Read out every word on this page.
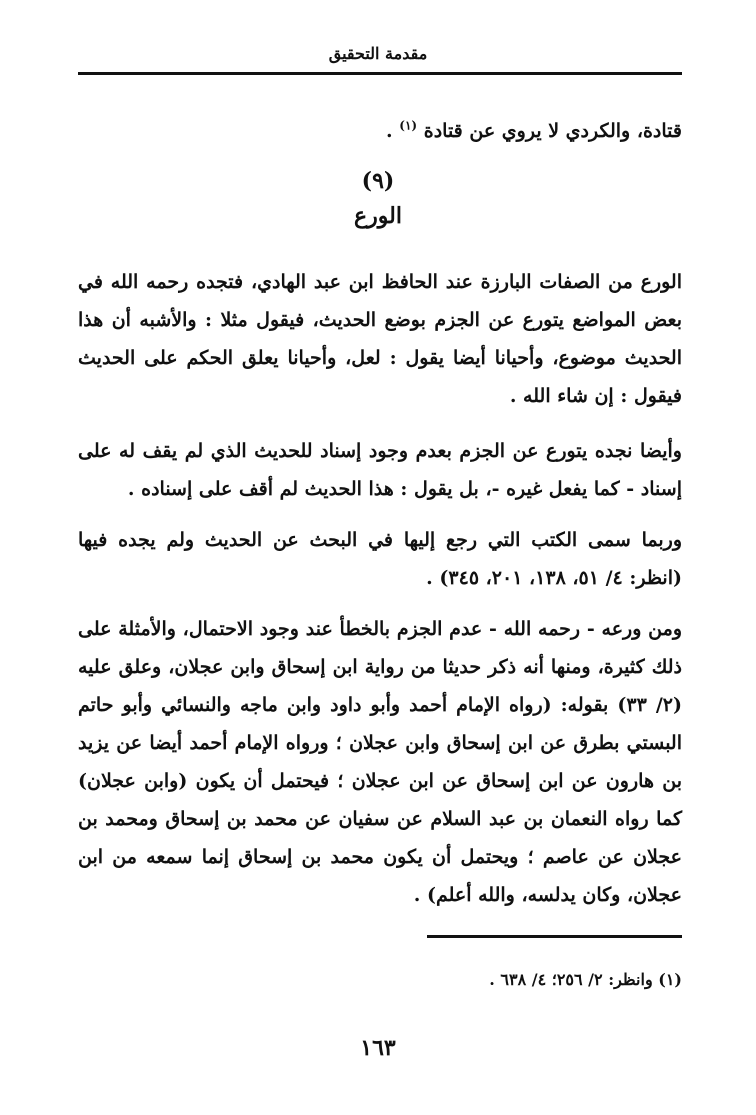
مقدمة التحقيق
قتادة، والكردي لا يروي عن قتادة $^{(١)}$ .
(٩)
الورع

الورع من الصفات البارزة عند الحافظ ابن عبد الهادي، فتجده رحمه الله في بعض المواضع يتورع عن الجزم بوضع الحديث، فيقول مثلا : والأشبه أن هذا الحديث موضوع، وأحيانا أيضا يقول : لعل، وأحيانا يعلق الحكم على الحديث فيقول : إن شاء الله .

وأيضا نجده يتورع عن الجزم بعدم وجود إسناد للحديث الذي لم يقف له على إسناد - كما يفعل غيره -، بل يقول : هذا الحديث لم أقف على إسناده .

وربما سمى الكتب التي رجع إليها في البحث عن الحديث ولم يجده فيها (انظر: ٤/ ٥١، ١٣٨، ٢٠١، ٣٤٥) .

ومن ورعه - رحمه الله - عدم الجزم بالخطأ عند وجود الاحتمال، والأمثلة على ذلك كثيرة، ومنها أنه ذكر حديثا من رواية ابن إسحاق وابن عجلان، وعلق عليه (٢/ ٣٣) بقوله: (رواه الإمام أحمد وأبو داود وابن ماجه والنسائي وأبو حاتم البستي بطرق عن ابن إسحاق وابن عجلان ؛ ورواه الإمام أحمد أيضا عن يزيد بن هارون عن ابن إسحاق عن ابن عجلان ؛ فيحتمل أن يكون (وابن عجلان) كما رواه النعمان بن عبد السلام عن سفيان عن محمد بن إسحاق ومحمد بن عجلان عن عاصم ؛ ويحتمل أن يكون محمد بن إسحاق إنما سمعه من ابن عجلان، وكان يدلسه، والله أعلم) .

(١) وانظر: ٢/ ٢٥٦؛ ٤/ ٦٣٨ .
١٦٣
